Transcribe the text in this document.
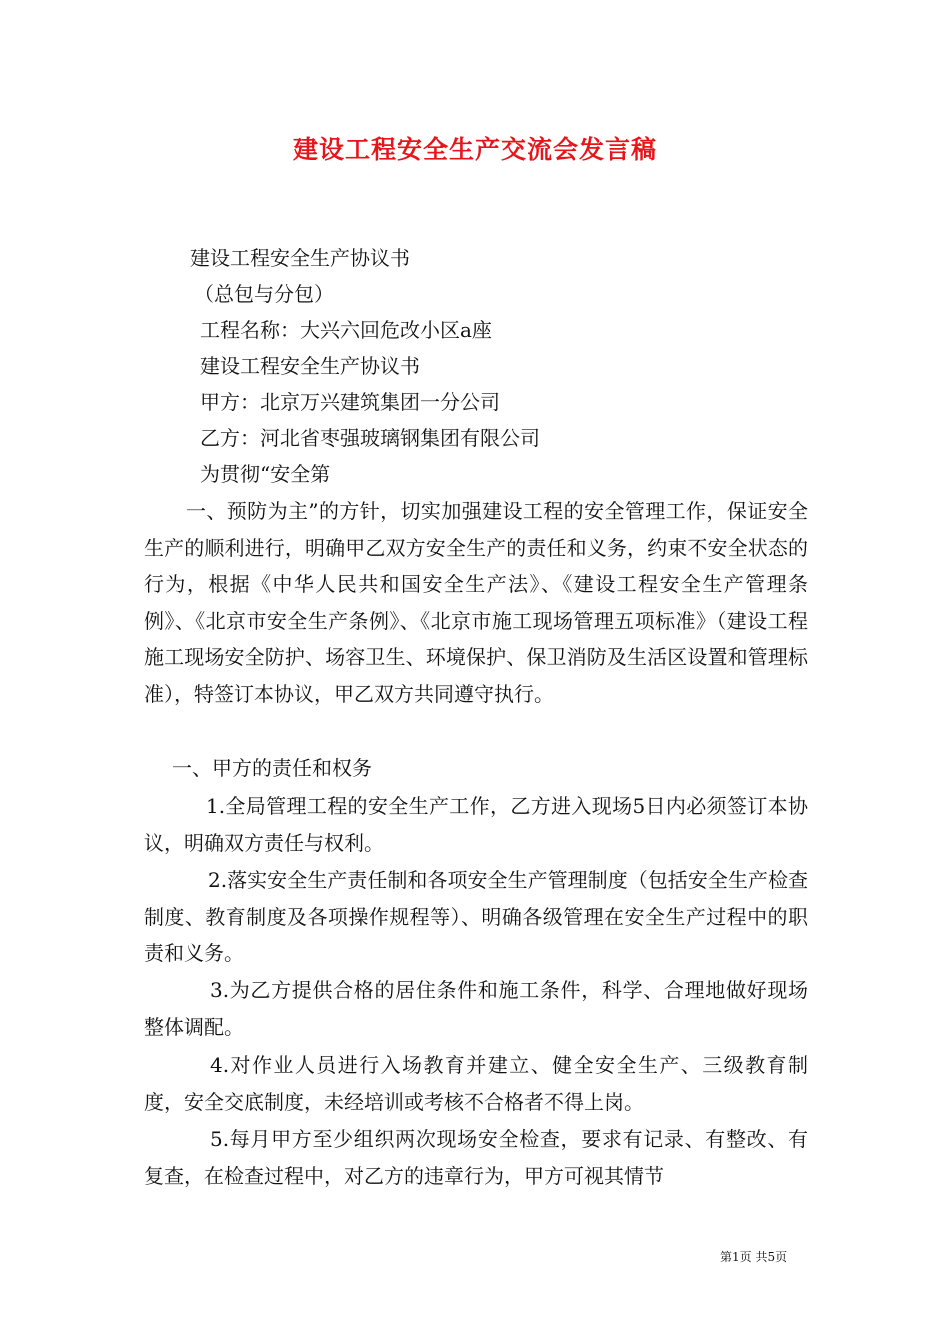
建设工程安全生产交流会发言稿
建设工程安全生产协议书
（总包与分包）
工程名称：大兴六回危改小区a座
建设工程安全生产协议书
甲方：北京万兴建筑集团一分公司
乙方：河北省枣强玻璃钢集团有限公司
为贯彻“安全第
一、预防为主”的方针，切实加强建设工程的安全管理工作，保证安全生产的顺利进行，明确甲乙双方安全生产的责任和义务，约束不安全状态的行为，根据《中华人民共和国安全生产法》、《建设工程安全生产管理条例》、《北京市安全生产条例》、《北京市施工现场管理五项标准》（建设工程施工现场安全防护、场容卫生、环境保护、保卫消防及生活区设置和管理标准），特签订本协议，甲乙双方共同遵守执行。
一、甲方的责任和权务
1.全局管理工程的安全生产工作，乙方进入现场5日内必须签订本协议，明确双方责任与权利。
2.落实安全生产责任制和各项安全生产管理制度（包括安全生产检查制度、教育制度及各项操作规程等）、明确各级管理在安全生产过程中的职责和义务。
3.为乙方提供合格的居住条件和施工条件，科学、合理地做好现场整体调配。
4.对作业人员进行入场教育并建立、健全安全生产、三级教育制度，安全交底制度，未经培训或考核不合格者不得上岗。
5.每月甲方至少组织两次现场安全检查，要求有记录、有整改、有复查，在检查过程中，对乙方的违章行为，甲方可视其情节
第1页 共5页
